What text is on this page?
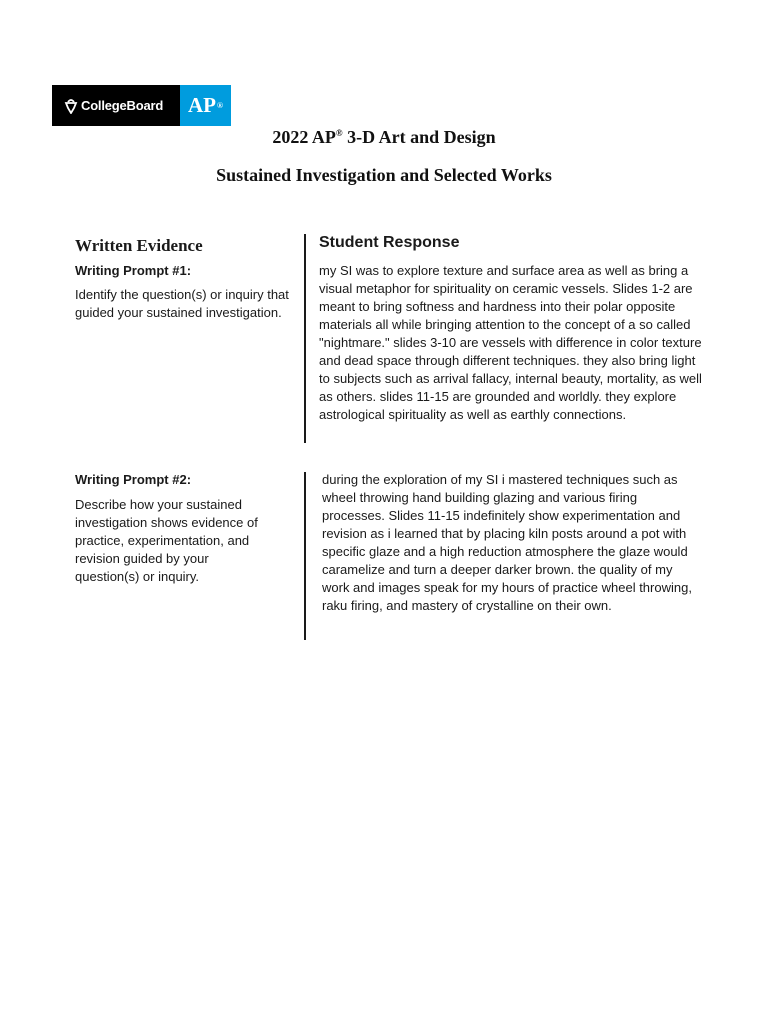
CollegeBoard AP ®
2022 AP® 3-D Art and Design
Sustained Investigation and Selected Works
Written Evidence
Writing Prompt #1:
Identify the question(s) or inquiry that guided your sustained investigation.
Writing Prompt #2:
Describe how your sustained investigation shows evidence of practice, experimentation, and revision guided by your question(s) or inquiry.
Student Response
my SI was to explore texture and surface area as well as bring a visual metaphor for spirituality on ceramic vessels. Slides 1-2 are meant to bring softness and hardness into their polar opposite materials all while bringing attention to the concept of a so called "nightmare." slides 3-10 are vessels with difference in color texture and dead space through different techniques. they also bring light to subjects such as arrival fallacy, internal beauty, mortality, as well as others. slides 11-15 are grounded and worldly. they explore astrological spirituality as well as earthly connections.
during the exploration of my SI i mastered techniques such as wheel throwing hand building glazing and various firing processes. Slides 11-15 indefinitely show experimentation and revision as i learned that by placing kiln posts around a pot with specific glaze and a high reduction atmosphere the glaze would caramelize and turn a deeper darker brown. the quality of my work and images speak for my hours of practice wheel throwing, raku firing, and mastery of crystalline on their own.
